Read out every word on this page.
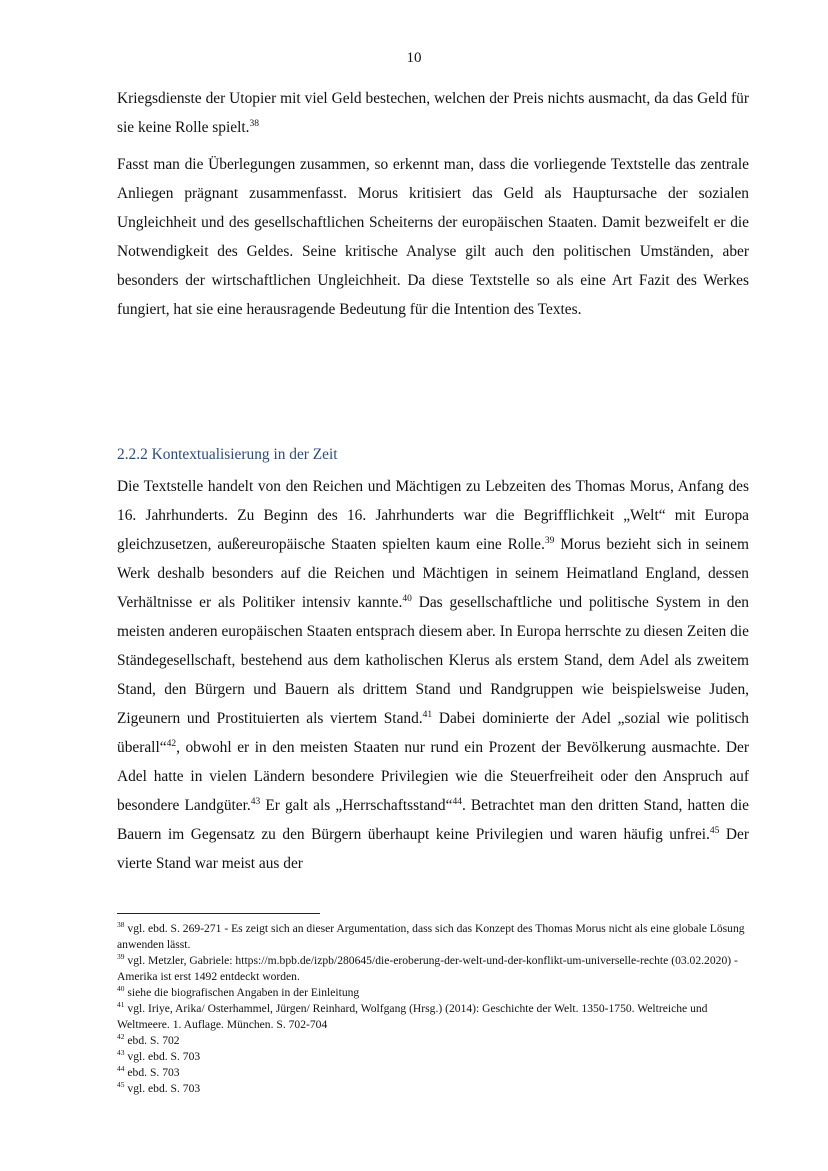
10

Kriegsdienste der Utopier mit viel Geld bestechen, welchen der Preis nichts ausmacht, da das Geld für sie keine Rolle spielt.$^{38}$

Fasst man die Überlegungen zusammen, so erkennt man, dass die vorliegende Textstelle das zentrale Anliegen prägnant zusammenfasst. Morus kritisiert das Geld als Hauptursache der sozialen Ungleichheit und des gesellschaftlichen Scheiterns der europäischen Staaten. Damit bezweifelt er die Notwendigkeit des Geldes. Seine kritische Analyse gilt auch den politischen Umständen, aber besonders der wirtschaftlichen Ungleichheit. Da diese Textstelle so als eine Art Fazit des Werkes fungiert, hat sie eine herausragende Bedeutung für die Intention des Textes.

2.2.2 Kontextualisierung in der Zeit

Die Textstelle handelt von den Reichen und Mächtigen zu Lebzeiten des Thomas Morus, Anfang des 16. Jahrhunderts. Zu Beginn des 16. Jahrhunderts war die Begrifflichkeit „Welt“ mit Europa gleichzusetzen, außereuropäische Staaten spielten kaum eine Rolle.$^{39}$ Morus bezieht sich in seinem Werk deshalb besonders auf die Reichen und Mächtigen in seinem Heimatland England, dessen Verhältnisse er als Politiker intensiv kannte.$^{40}$ Das gesellschaftliche und politische System in den meisten anderen europäischen Staaten entsprach diesem aber. In Europa herrschte zu diesen Zeiten die Ständegesellschaft, bestehend aus dem katholischen Klerus als erstem Stand, dem Adel als zweitem Stand, den Bürgern und Bauern als drittem Stand und Randgruppen wie beispielsweise Juden, Zigeunern und Prostituierten als viertem Stand.$^{41}$ Dabei dominierte der Adel „sozial wie politisch überall“$^{42}$, obwohl er in den meisten Staaten nur rund ein Prozent der Bevölkerung ausmachte. Der Adel hatte in vielen Ländern besondere Privilegien wie die Steuerfreiheit oder den Anspruch auf besondere Landgüter.$^{43}$ Er galt als „Herrschaftsstand“$^{44}$. Betrachtet man den dritten Stand, hatten die Bauern im Gegensatz zu den Bürgern überhaupt keine Privilegien und waren häufig unfrei.$^{45}$ Der vierte Stand war meist aus der

$^{38}$ vgl. ebd. S. 269-271 - Es zeigt sich an dieser Argumentation, dass sich das Konzept des Thomas Morus nicht als eine globale Lösung anwenden lässt.
$^{39}$ vgl. Metzler, Gabriele: https://m.bpb.de/izpb/280645/die-eroberung-der-welt-und-der-konflikt-um-universelle-rechte (03.02.2020) - Amerika ist erst 1492 entdeckt worden.
$^{40}$ siehe die biografischen Angaben in der Einleitung
$^{41}$ vgl. Iriye, Arika/ Osterhammel, Jürgen/ Reinhard, Wolfgang (Hrsg.) (2014): Geschichte der Welt. 1350-1750. Weltreiche und Weltmeere. 1. Auflage. München. S. 702-704
$^{42}$ ebd. S. 702
$^{43}$ vgl. ebd. S. 703
$^{44}$ ebd. S. 703
$^{45}$ vgl. ebd. S. 703
